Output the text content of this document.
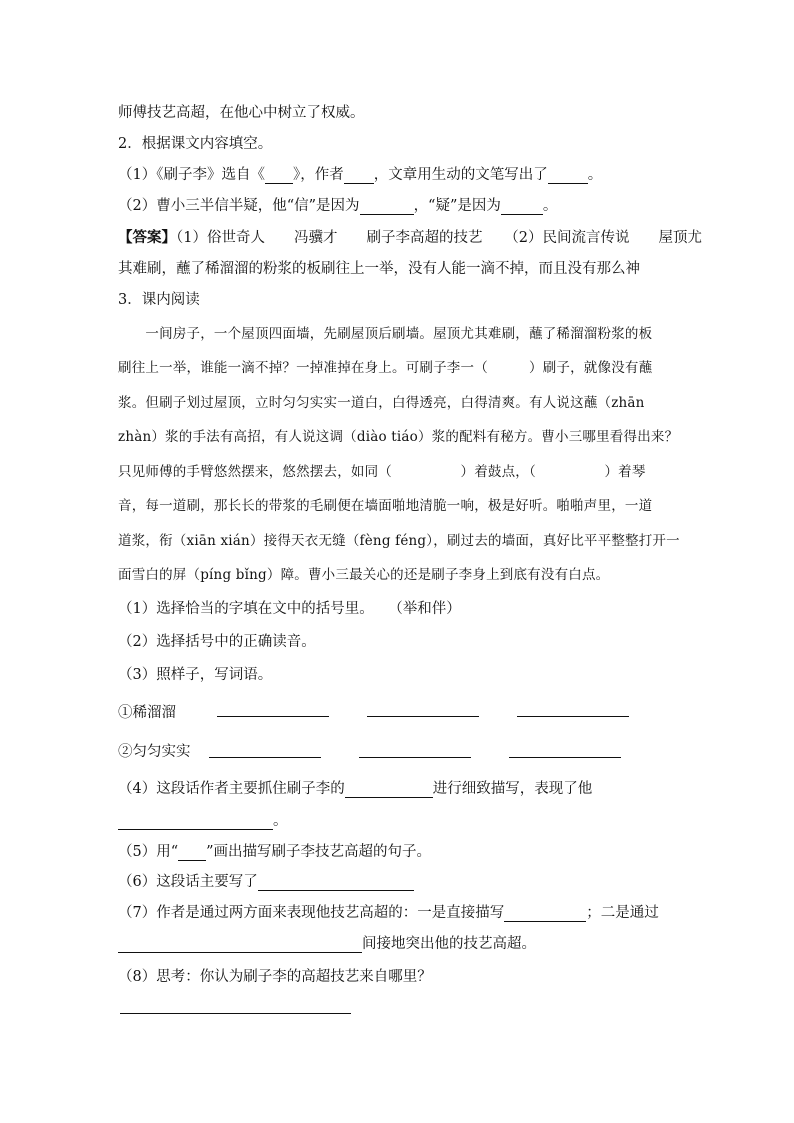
师傅技艺高超，在他心中树立了权威。
2．根据课文内容填空。
（1）《刷子李》选自《 》，作者 ，文章用生动的文笔写出了	。
（2）曹小三半信半疑，他“信”是因为	，“疑”是因为	。
【答案】（1）俗世奇人　　冯骥才　　刷子李高超的技艺　　（2）民间流言传说　　屋顶尤
其难刷，蘸了稀溜溜的粉浆的板刷往上一举，没有人能一滴不掉，而且没有那么神
3．课内阅读
　　一间房子，一个屋顶四面墙，先刷屋顶后刷墙。屋顶尤其难刷，蘸了稀溜溜粉浆的板
刷往上一举，谁能一滴不掉？一掉准掉在身上。可刷子李一（　　　）刷子，就像没有蘸
浆。但刷子划过屋顶，立时匀匀实实一道白，白得透亮，白得清爽。有人说这蘸（zhān
zhàn）浆的手法有高招，有人说这调（diào tiáo）浆的配料有秘方。曹小三哪里看得出来？
只见师傅的手臂悠然摆来，悠然摆去，如同（　　　　　）着鼓点，（　　　　　）着琴
音，每一道刷，那长长的带浆的毛刷便在墙面啪地清脆一响，极是好听。啪啪声里，一道
道浆，衔（xiān xián）接得天衣无缝（fèng féng），刷过去的墙面，真好比平平整整打开一
面雪白的屏（píng bǐng）障。曹小三最关心的还是刷子李身上到底有没有白点。
（1）选择恰当的字填在文中的括号里。　　（举和伴）
（2）选择括号中的正确读音。
（3）照样子，写词语。
①稀溜溜
②匀匀实实
（4）这段话作者主要抓住刷子李的	进行细致描写，表现了他
。
（5）用“ ”画出描写刷子李技艺高超的句子。
（6）这段话主要写了
（7）作者是通过两方面来表现他技艺高超的：一是直接描写	；二是通过
间接地突出他的技艺高超。
（8）思考：你认为刷子李的高超技艺来自哪里？
